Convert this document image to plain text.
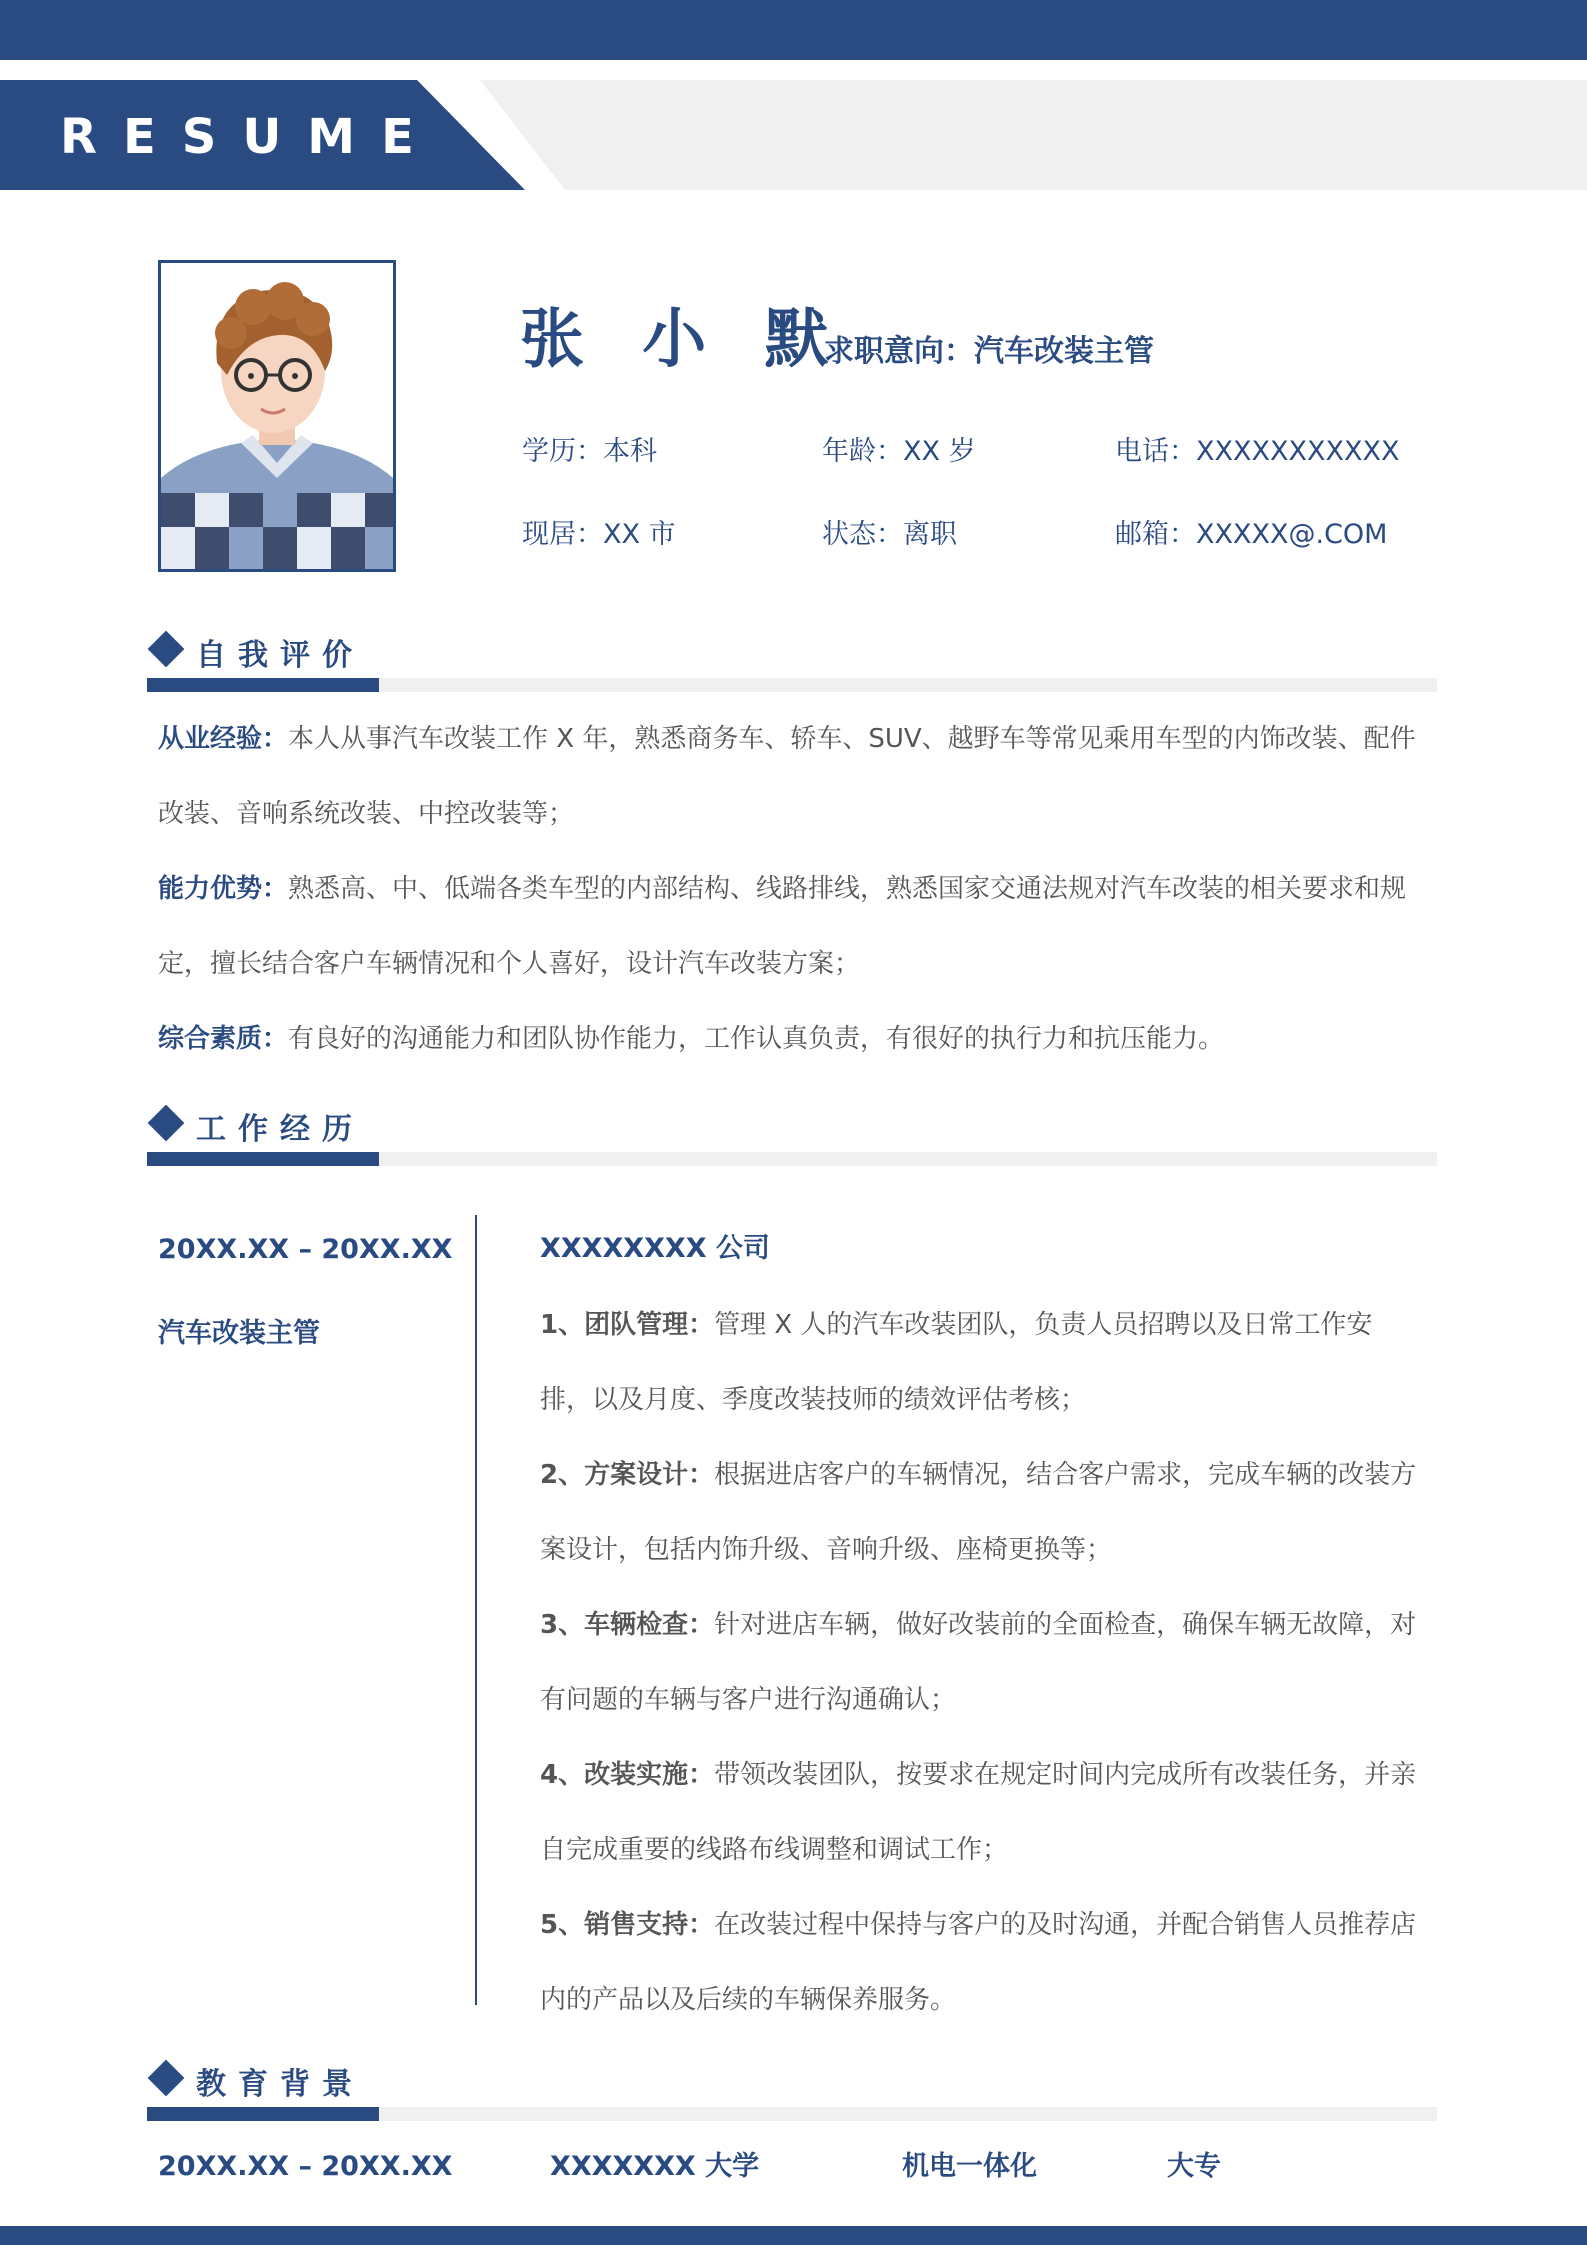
RESUME
张 小 默
求职意向：汽车改装主管
学历：本科	年龄：XX 岁	电话：XXXXXXXXXXX
现居：XX 市	状态：离职	邮箱：XXXXX@.COM
自我评价
从业经验：本人从事汽车改装工作 X 年，熟悉商务车、轿车、SUV、越野车等常见乘用车型的内饰改装、配件改装、音响系统改装、中控改装等；
能力优势：熟悉高、中、低端各类车型的内部结构、线路排线，熟悉国家交通法规对汽车改装的相关要求和规定，擅长结合客户车辆情况和个人喜好，设计汽车改装方案；
综合素质：有良好的沟通能力和团队协作能力，工作认真负责，有很好的执行力和抗压能力。
工作经历
20XX.XX – 20XX.XX
汽车改装主管
XXXXXXXX 公司
1、团队管理：管理 X 人的汽车改装团队，负责人员招聘以及日常工作安排，以及月度、季度改装技师的绩效评估考核；
2、方案设计：根据进店客户的车辆情况，结合客户需求，完成车辆的改装方案设计，包括内饰升级、音响升级、座椅更换等；
3、车辆检查：针对进店车辆，做好改装前的全面检查，确保车辆无故障，对有问题的车辆与客户进行沟通确认；
4、改装实施：带领改装团队，按要求在规定时间内完成所有改装任务，并亲自完成重要的线路布线调整和调试工作；
5、销售支持：在改装过程中保持与客户的及时沟通，并配合销售人员推荐店内的产品以及后续的车辆保养服务。
教育背景
20XX.XX – 20XX.XX	XXXXXXX 大学	机电一体化	大专
